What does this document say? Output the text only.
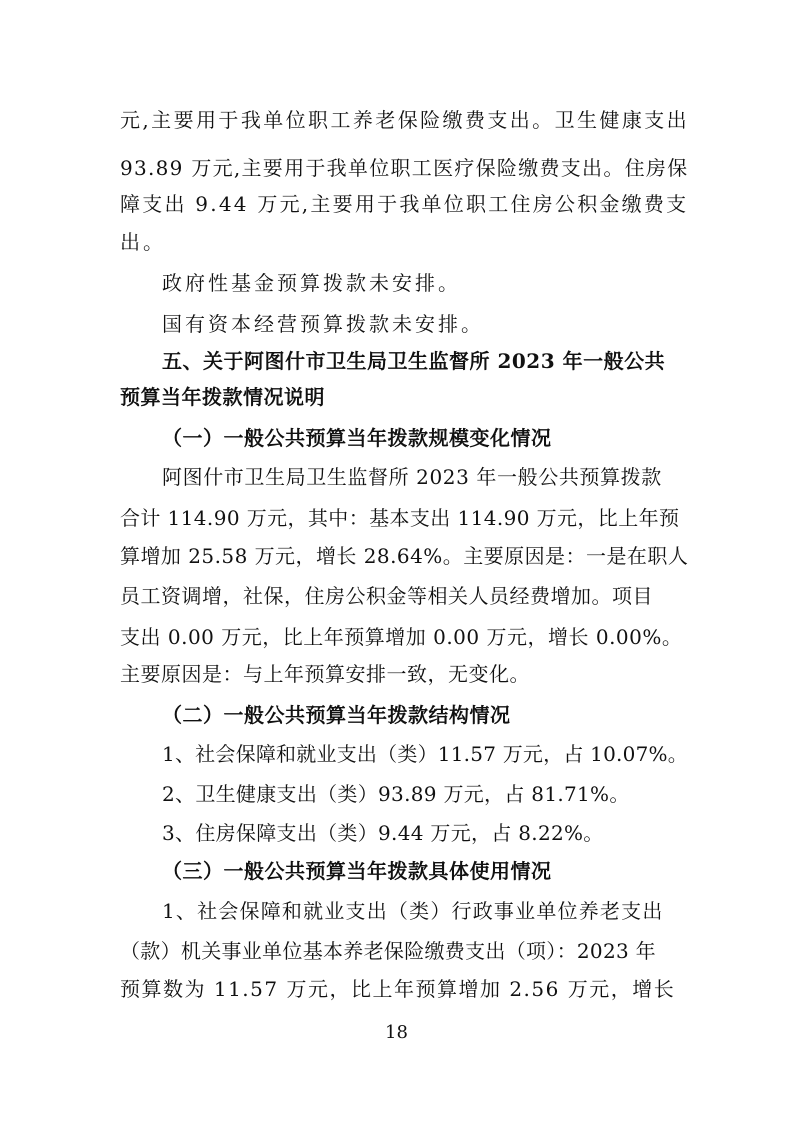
元,主要用于我单位职工养老保险缴费支出。卫生健康支出
93.89 万元,主要用于我单位职工医疗保险缴费支出。住房保
障支出 9.44 万元,主要用于我单位职工住房公积金缴费支
出。
政府性基金预算拨款未安排。
国有资本经营预算拨款未安排。
五、关于阿图什市卫生局卫生监督所 2023 年一般公共
预算当年拨款情况说明
（一）一般公共预算当年拨款规模变化情况
阿图什市卫生局卫生监督所 2023 年一般公共预算拨款
合计 114.90 万元，其中：基本支出 114.90 万元，比上年预
算增加 25.58 万元，增长 28.64%。主要原因是：一是在职人
员工资调增，社保，住房公积金等相关人员经费增加。项目
支出 0.00 万元，比上年预算增加 0.00 万元，增长 0.00%。
主要原因是：与上年预算安排一致，无变化。
（二）一般公共预算当年拨款结构情况
1、社会保障和就业支出（类）11.57 万元，占 10.07%。
2、卫生健康支出（类）93.89 万元，占 81.71%。
3、住房保障支出（类）9.44 万元，占 8.22%。
（三）一般公共预算当年拨款具体使用情况
1、社会保障和就业支出（类）行政事业单位养老支出
（款）机关事业单位基本养老保险缴费支出（项）：2023 年
预算数为 11.57 万元，比上年预算增加 2.56 万元，增长
18
